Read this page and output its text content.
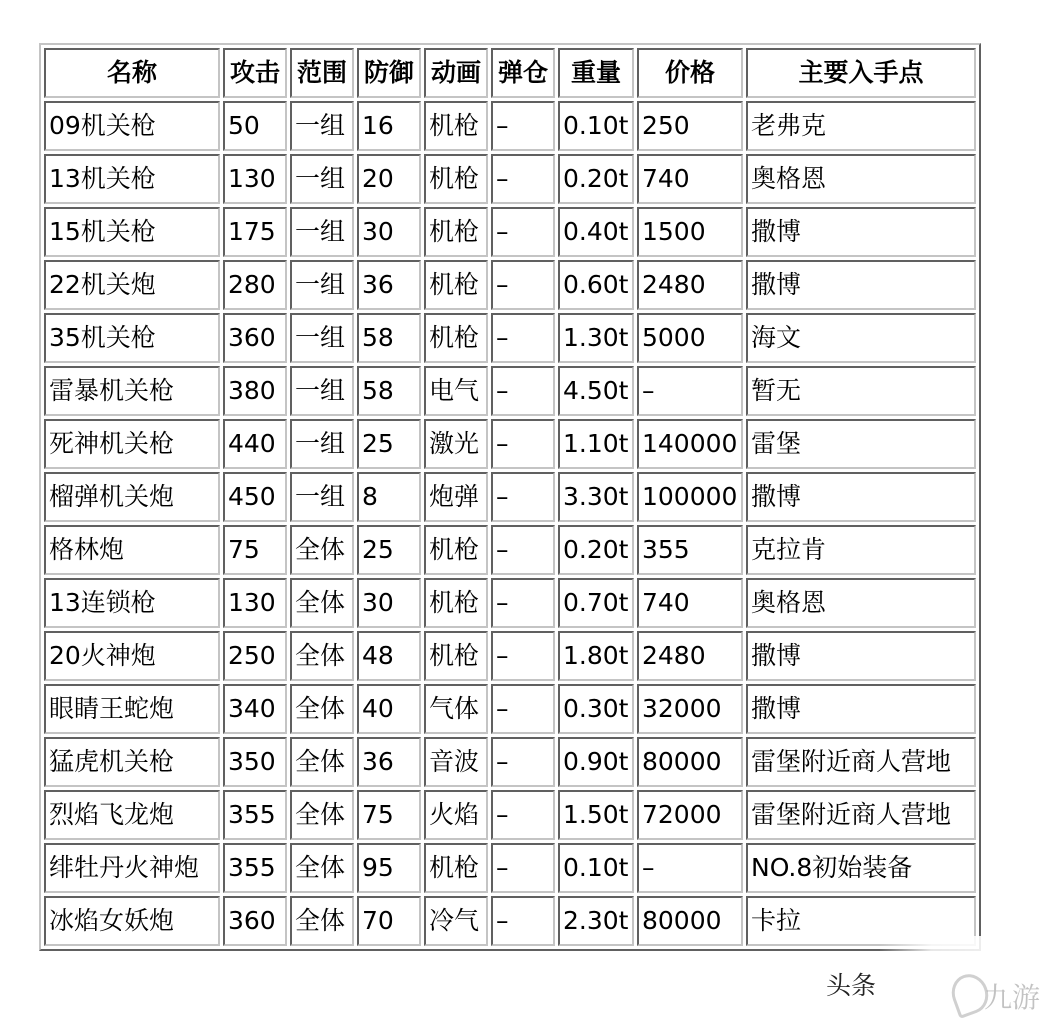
名称	攻击	范围	防御	动画	弹仓	重量	价格	主要入手点
09机关枪	50	一组	16	机枪	–	0.10t	250	老弗克
13机关枪	130	一组	20	机枪	–	0.20t	740	奥格恩
15机关枪	175	一组	30	机枪	–	0.40t	1500	撒博
22机关炮	280	一组	36	机枪	–	0.60t	2480	撒博
35机关枪	360	一组	58	机枪	–	1.30t	5000	海文
雷暴机关枪	380	一组	58	电气	–	4.50t	–	暂无
死神机关枪	440	一组	25	激光	–	1.10t	140000	雷堡
榴弹机关炮	450	一组	8	炮弹	–	3.30t	100000	撒博
格林炮	75	全体	25	机枪	–	0.20t	355	克拉肯
13连锁枪	130	全体	30	机枪	–	0.70t	740	奥格恩
20火神炮	250	全体	48	机枪	–	1.80t	2480	撒博
眼睛王蛇炮	340	全体	40	气体	–	0.30t	32000	撒博
猛虎机关枪	350	全体	36	音波	–	0.90t	80000	雷堡附近商人营地
烈焰飞龙炮	355	全体	75	火焰	–	1.50t	72000	雷堡附近商人营地
绯牡丹火神炮	355	全体	95	机枪	–	0.10t	–	NO.8初始装备
冰焰女妖炮	360	全体	70	冷气	–	2.30t	80000	卡拉
头条	九游
